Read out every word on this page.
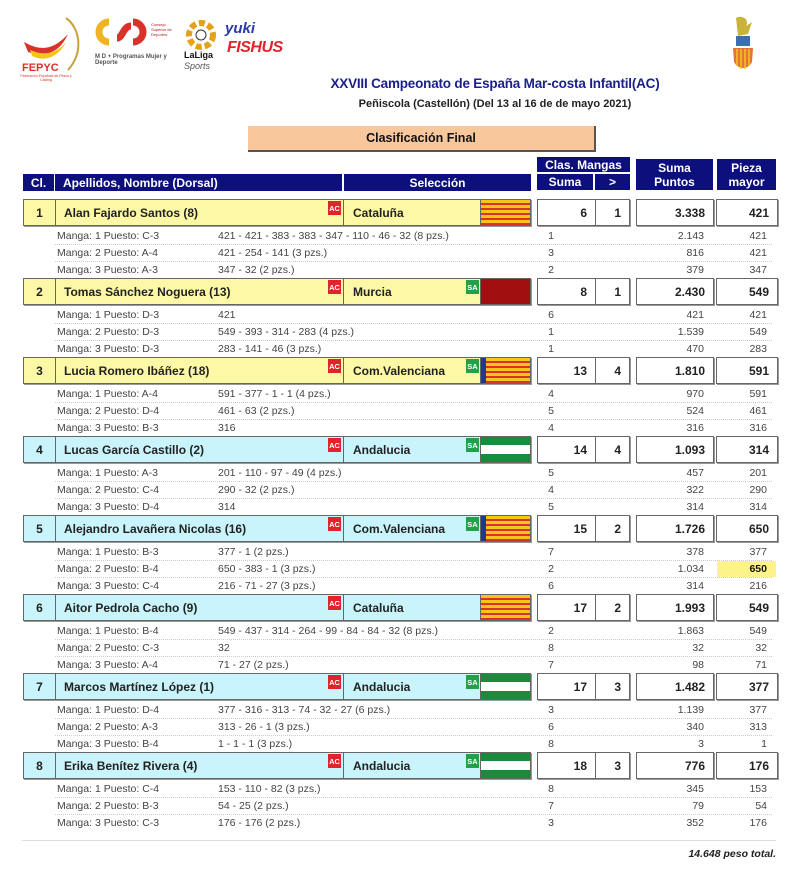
FEPYC
Federación Española de Pesca y Casting
Consejo Superior de Deportes
M D + Programas Mujer y Deporte
LaLiga
Sports
yuki
FISHUS
XXVIII Campeonato de España Mar-costa Infantil(AC)
Peñiscola (Castellón) (Del 13 al 16 de de mayo 2021)
Clasificación Final
Cl.	Apellidos, Nombre (Dorsal)	Selección
Clas. Mangas
Suma	>
Suma
Puntos
Pieza
mayor
1	Alan Fajardo Santos (8)	AC Cataluña	6	1	3.338	421
Manga: 1 Puesto: C-3	421 - 421 - 383 - 383 - 347 - 110 - 46 - 32 (8 pzs.)	1	2.143	421
Manga: 2 Puesto: A-4	421 - 254 - 141 (3 pzs.)	3	816	421
Manga: 3 Puesto: A-3	347 - 32 (2 pzs.)	2	379	347
2	Tomas Sánchez Noguera (13)	AC Murcia	SA	8	1	2.430	549
Manga: 1 Puesto: D-3	421	6	421	421
Manga: 2 Puesto: D-3	549 - 393 - 314 - 283 (4 pzs.)	1	1.539	549
Manga: 3 Puesto: D-3	283 - 141 - 46 (3 pzs.)	1	470	283
3	Lucia Romero Ibáñez (18)	AC Com.Valenciana	SA	13	4	1.810	591
Manga: 1 Puesto: A-4	591 - 377 - 1 - 1 (4 pzs.)	4	970	591
Manga: 2 Puesto: D-4	461 - 63 (2 pzs.)	5	524	461
Manga: 3 Puesto: B-3	316	4	316	316
4	Lucas García Castillo (2)	AC Andalucia	SA	14	4	1.093	314
Manga: 1 Puesto: A-3	201 - 110 - 97 - 49 (4 pzs.)	5	457	201
Manga: 2 Puesto: C-4	290 - 32 (2 pzs.)	4	322	290
Manga: 3 Puesto: D-4	314	5	314	314
5	Alejandro Lavañera Nicolas (16)	AC Com.Valenciana	SA	15	2	1.726	650
Manga: 1 Puesto: B-3	377 - 1 (2 pzs.)	7	378	377
Manga: 2 Puesto: B-4	650 - 383 - 1 (3 pzs.)	2	1.034	650
Manga: 3 Puesto: C-4	216 - 71 - 27 (3 pzs.)	6	314	216
6	Aitor Pedrola Cacho (9)	AC Cataluña	17	2	1.993	549
Manga: 1 Puesto: B-4	549 - 437 - 314 - 264 - 99 - 84 - 84 - 32 (8 pzs.)	2	1.863	549
Manga: 2 Puesto: C-3	32	8	32	32
Manga: 3 Puesto: A-4	71 - 27 (2 pzs.)	7	98	71
7	Marcos Martínez López (1)	AC Andalucia	SA	17	3	1.482	377
Manga: 1 Puesto: D-4	377 - 316 - 313 - 74 - 32 - 27 (6 pzs.)	3	1.139	377
Manga: 2 Puesto: A-3	313 - 26 - 1 (3 pzs.)	6	340	313
Manga: 3 Puesto: B-4	1 - 1 - 1 (3 pzs.)	8	3	1
8	Erika Benítez Rivera (4)	AC Andalucia	SA	18	3	776	176
Manga: 1 Puesto: C-4	153 - 110 - 82 (3 pzs.)	8	345	153
Manga: 2 Puesto: B-3	54 - 25 (2 pzs.)	7	79	54
Manga: 3 Puesto: C-3	176 - 176 (2 pzs.)	3	352	176
14.648 peso total.
